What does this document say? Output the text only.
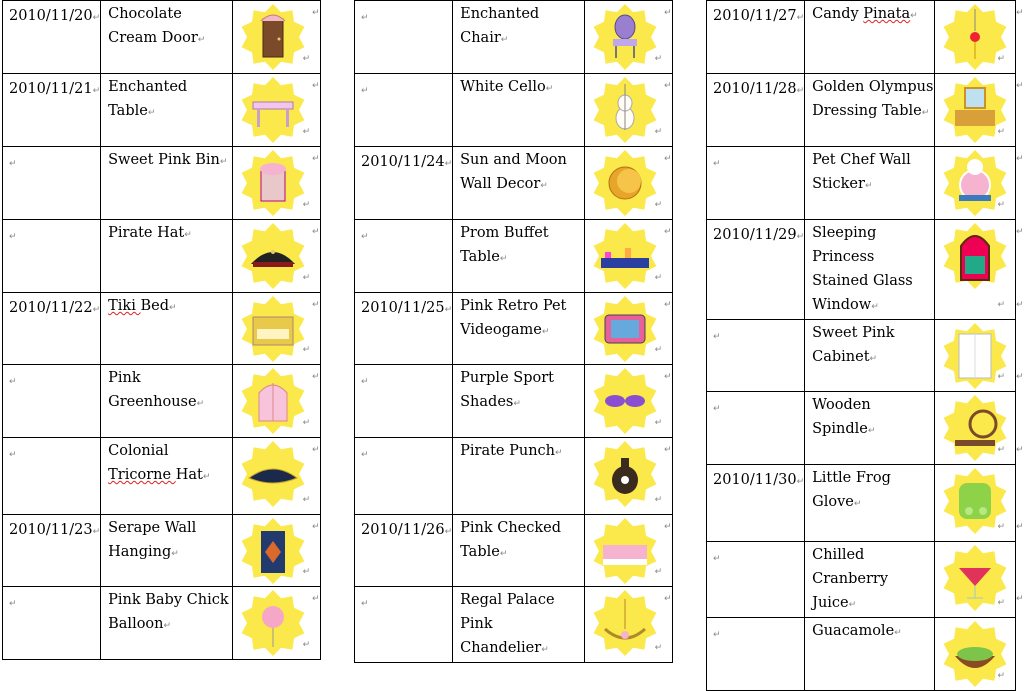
↵
↵
↵
↵
↵
↵
↵
↵
↵
2010/11/20↵	Chocolate Cream Door↵	↵

2010/11/21↵	Enchanted Table↵	↵

↵	Sweet Pink Bin↵	↵

↵	Pirate Hat↵	↵

2010/11/22↵	Tiki Bed↵	↵

↵	Pink Greenhouse↵	↵

↵	Colonial Tricorne Hat↵	↵

2010/11/23↵	Serape Wall Hanging↵	↵

↵	Pink Baby Chick Balloon↵	↵
↵
↵
↵
↵
↵
↵
↵
↵
↵
↵	Enchanted Chair↵	↵

↵	White Cello↵	↵

2010/11/24↵	Sun and Moon Wall Decor↵	↵

↵	Prom Buffet Table↵	↵

2010/11/25↵	Pink Retro Pet Videogame↵	↵

↵	Purple Sport Shades↵	↵

↵	Pirate Punch↵	↵

2010/11/26↵	Pink Checked Table↵	↵

↵	Regal Palace Pink Chandelier↵	↵
↵
↵
↵
↵
↵
↵
↵
↵
↵
2010/11/27↵	Candy Pinata↵	↵

2010/11/28↵	Golden Olympus Dressing Table↵	↵

↵	Pet Chef Wall Sticker↵	↵

2010/11/29↵	Sleeping Princess Stained Glass Window↵	↵

↵	Sweet Pink Cabinet↵	↵

↵	Wooden Spindle↵	↵

2010/11/30↵	Little Frog Glove↵	↵

↵	Chilled Cranberry Juice↵	↵

↵	Guacamole↵	↵
